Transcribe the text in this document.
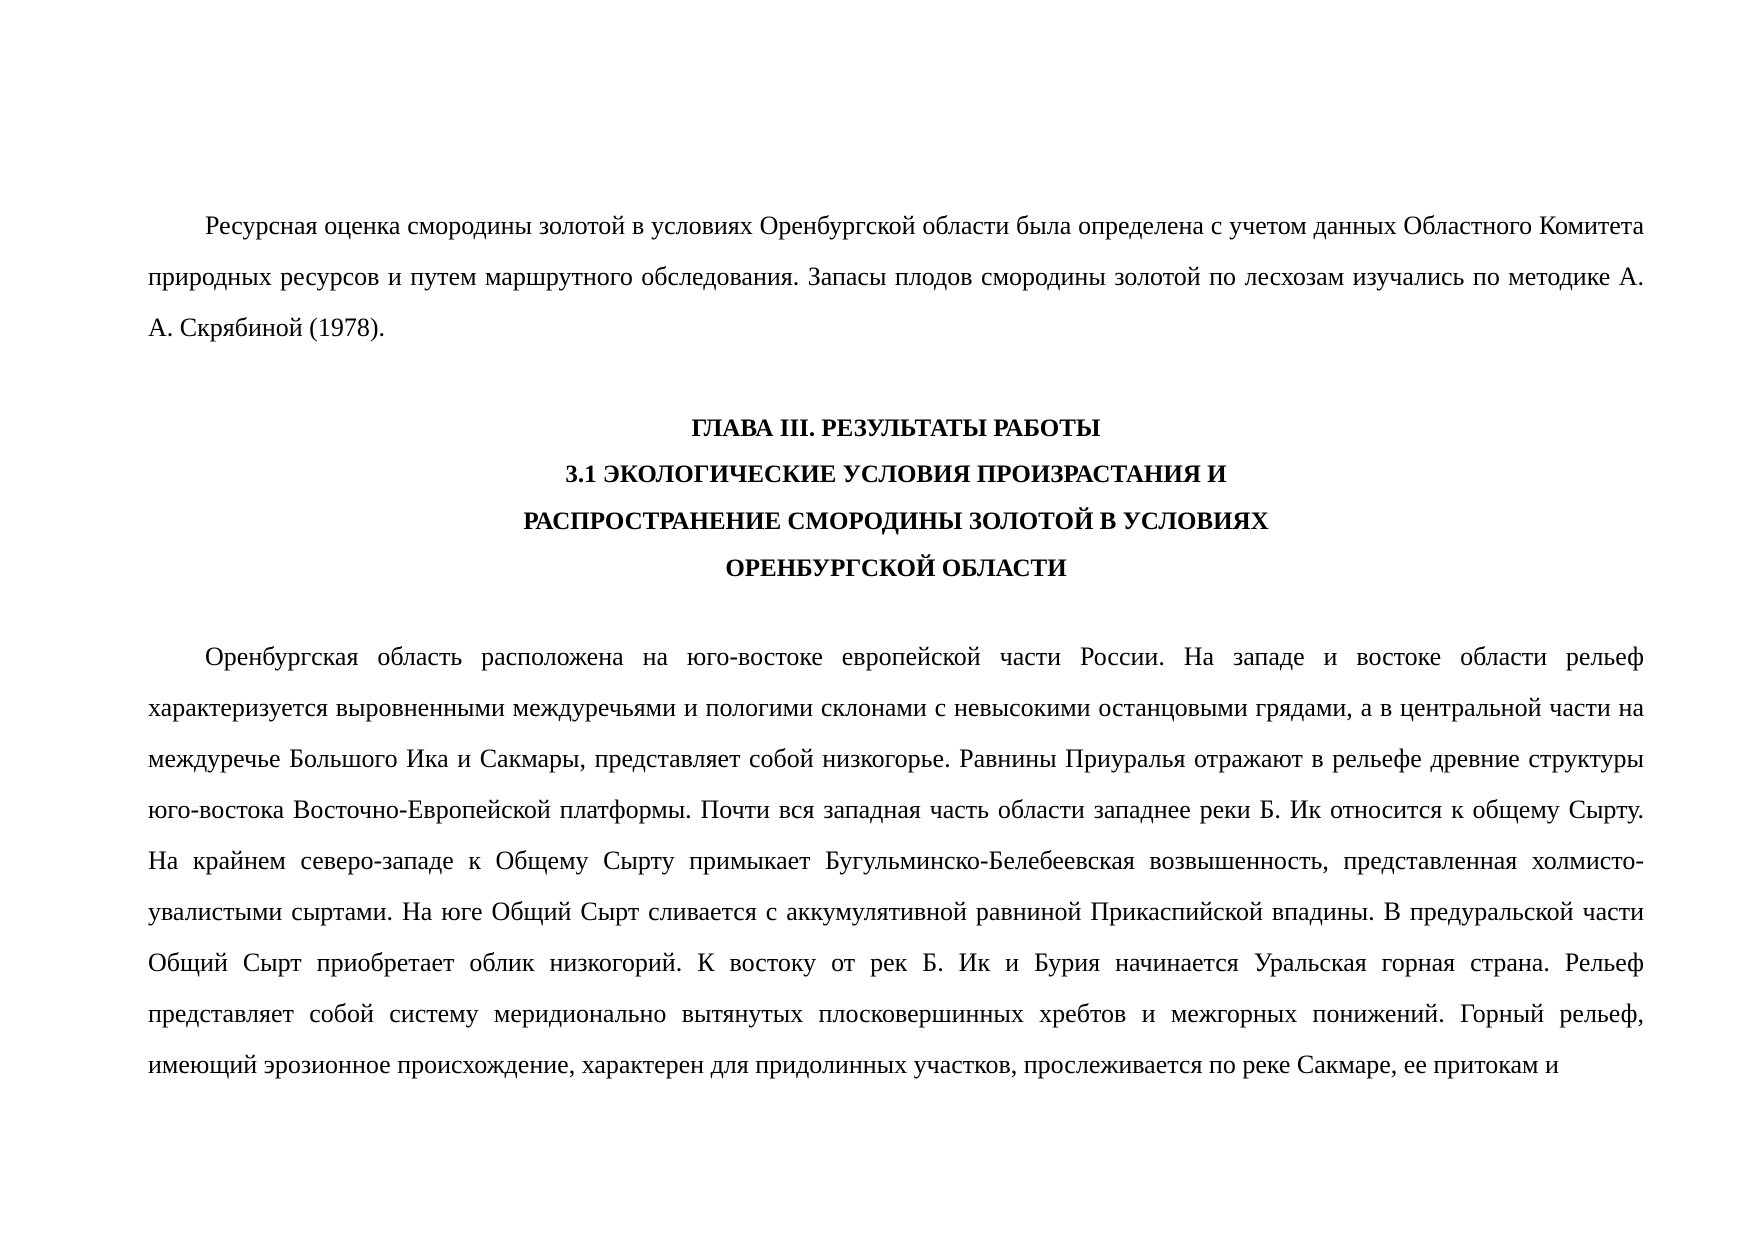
Ресурсная оценка смородины золотой в условиях Оренбургской области была определена с учетом данных Областного Комитета природных ресурсов и путем маршрутного обследования. Запасы плодов смородины золотой по лесхозам изучались по методике А. А. Скрябиной (1978).

ГЛАВА III. РЕЗУЛЬТАТЫ РАБОТЫ
3.1 ЭКОЛОГИЧЕСКИЕ УСЛОВИЯ ПРОИЗРАСТАНИЯ И
РАСПРОСТРАНЕНИЕ СМОРОДИНЫ ЗОЛОТОЙ В УСЛОВИЯХ
ОРЕНБУРГСКОЙ ОБЛАСТИ

Оренбургская область расположена на юго-востоке европейской части России. На западе и востоке области рельеф характеризуется выровненными междуречьями и пологими склонами с невысокими останцовыми грядами, а в центральной части на междуречье Большого Ика и Сакмары, представляет собой низкогорье. Равнины Приуралья отражают в рельефе древние структуры юго-востока Восточно-Европейской платформы. Почти вся западная часть области западнее реки Б. Ик относится к общему Сырту. На крайнем северо-западе к Общему Сырту примыкает Бугульминско-Белебеевская возвышенность, представленная холмисто-увалистыми сыртами. На юге Общий Сырт сливается с аккумулятивной равниной Прикаспийской впадины. В предуральской части Общий Сырт приобретает облик низкогорий. К востоку от рек Б. Ик и Бурия начинается Уральская горная страна. Рельеф представляет собой систему меридионально вытянутых плосковершинных хребтов и межгорных понижений. Горный рельеф, имеющий эрозионное происхождение, характерен для придолинных участков, прослеживается по реке Сакмаре, ее притокам и
